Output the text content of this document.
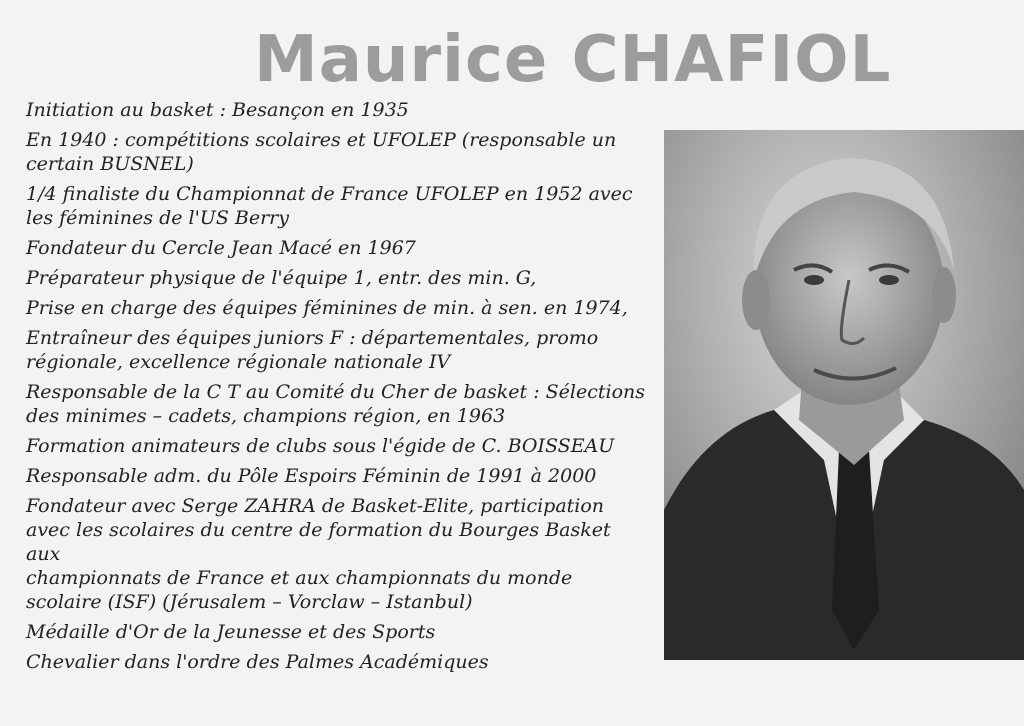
Maurice CHAFIOL
Initiation au basket : Besançon en 1935
En 1940 : compétitions scolaires et UFOLEP (responsable un
certain BUSNEL)
1/4 finaliste du Championnat de France UFOLEP en 1952 avec
les féminines de l'US Berry
Fondateur du Cercle Jean Macé en 1967
Préparateur physique de l'équipe 1, entr. des min. G,
Prise en charge des équipes féminines de min. à sen. en 1974,
Entraîneur des équipes juniors F : départementales, promo
régionale, excellence régionale nationale IV
Responsable de la C T au Comité du Cher de basket : Sélections
des minimes – cadets, champions région, en 1963
Formation animateurs de clubs sous l'égide de C. BOISSEAU
Responsable adm. du Pôle Espoirs Féminin de 1991 à 2000
Fondateur avec Serge ZAHRA de Basket-Elite, participation
avec les scolaires du centre de formation du Bourges Basket aux
championnats de France et aux championnats du monde
scolaire (ISF) (Jérusalem – Vorclaw – Istanbul)
Médaille d'Or de la Jeunesse et des Sports
Chevalier dans l'ordre des Palmes Académiques
